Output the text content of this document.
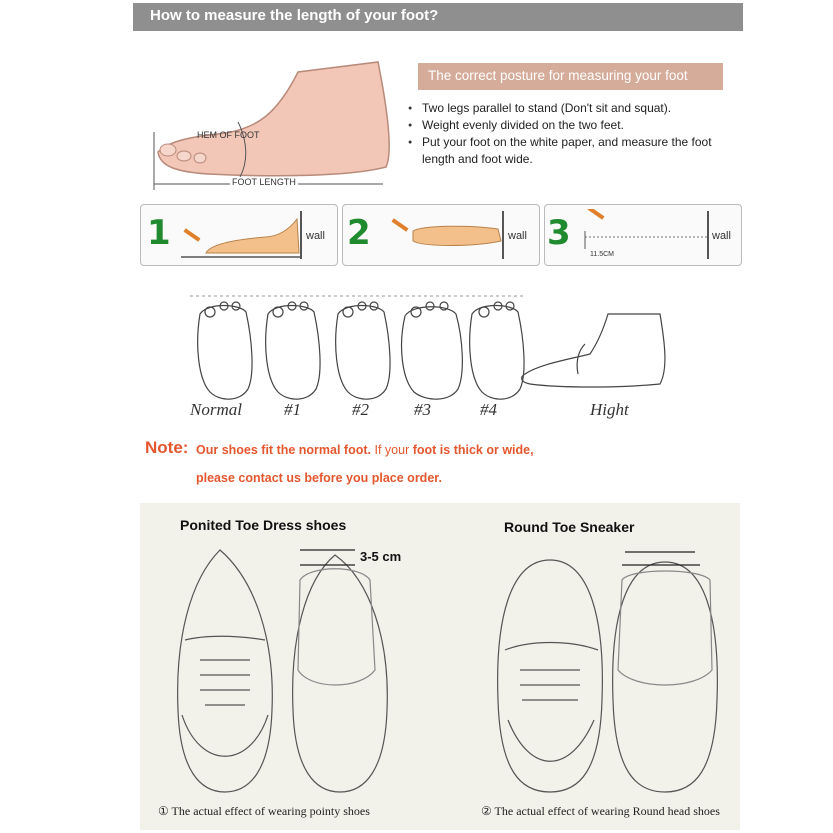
How to measure the length of your foot?
HEM OF FOOT
FOOT LENGTH
The correct posture for measuring your foot
● Two legs parallel to stand (Don't sit and squat).
● Weight evenly divided on the two feet.
● Put your foot on the white paper, and measure the foot length and foot wide.
1	wall 2	wall 3
11.5CM
wall
Normal #1	#2	#3	#4	Hight
Note: Our shoes fit the normal foot. If your foot is thick or wide,
please contact us before you place order.
Ponited Toe Dress shoes	Round Toe Sneaker
3-5 cm
① The actual effect of wearing pointy shoes	② The actual effect of wearing Round head shoes
